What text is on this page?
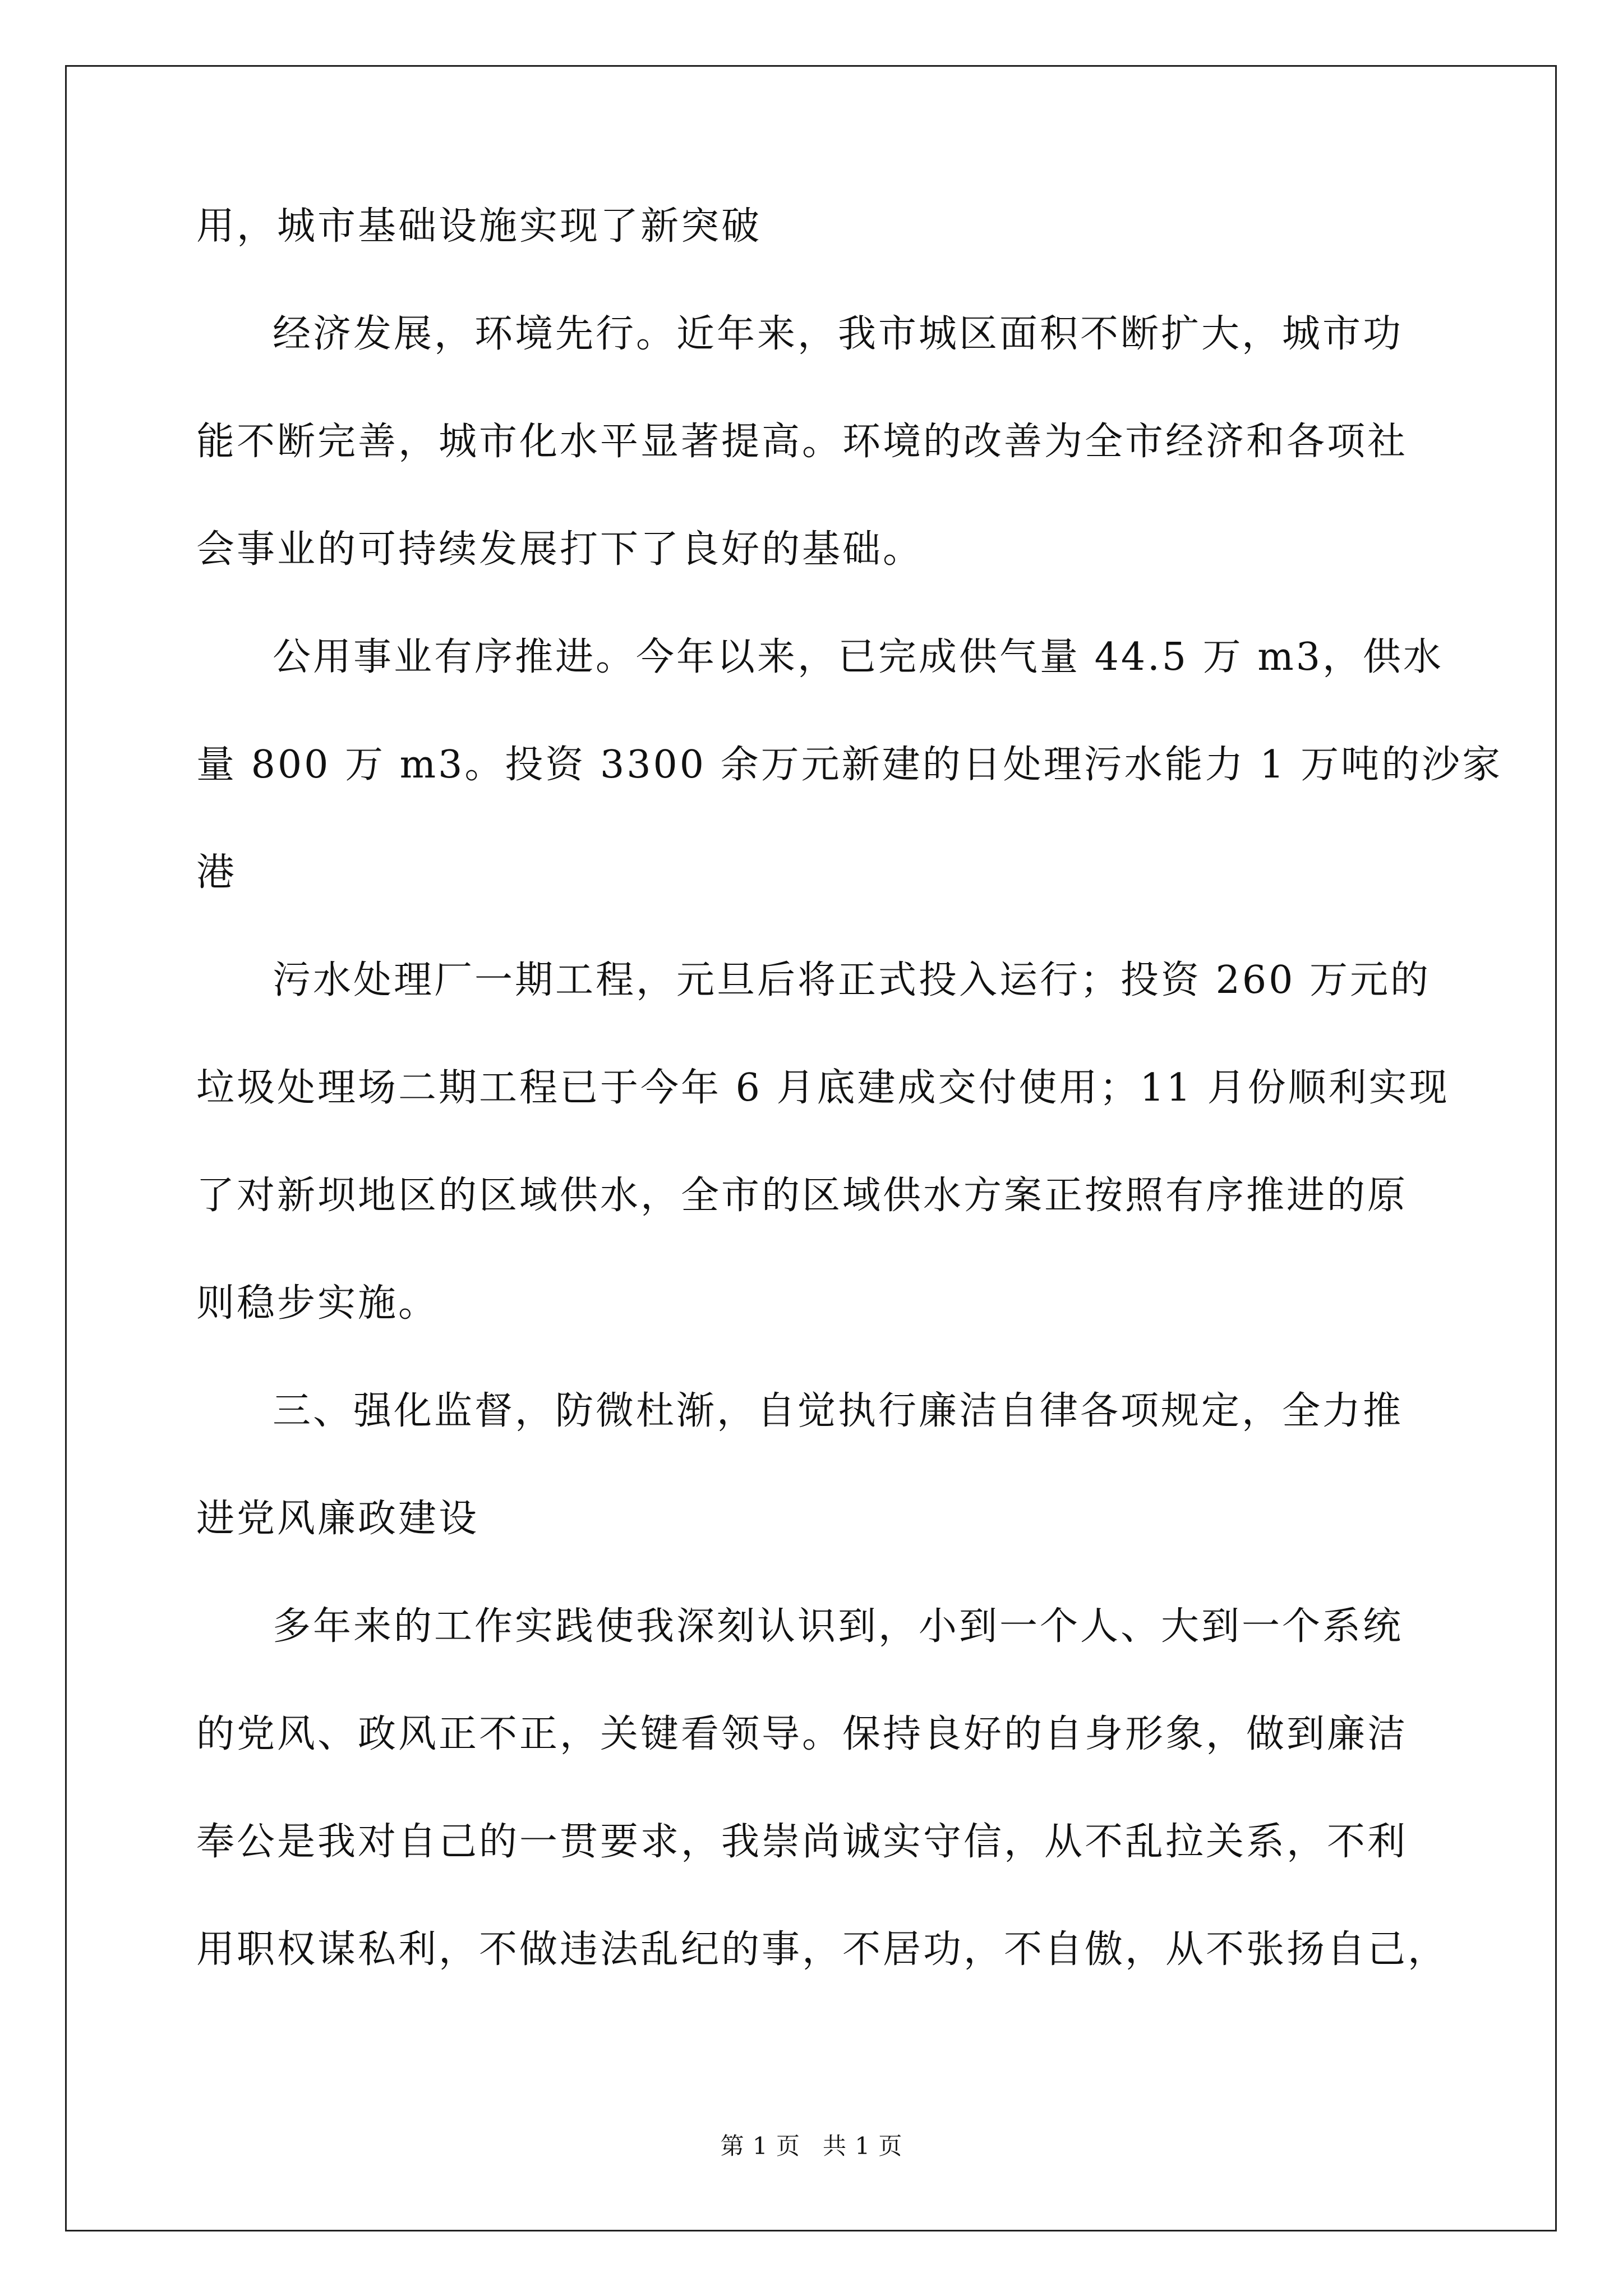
用，城市基础设施实现了新突破
经济发展，环境先行。近年来，我市城区面积不断扩大，城市功
能不断完善，城市化水平显著提高。环境的改善为全市经济和各项社
会事业的可持续发展打下了良好的基础。
公用事业有序推进。今年以来，已完成供气量 44.5 万 m3，供水
量 800 万 m3。投资 3300 余万元新建的日处理污水能力 1 万吨的沙家
港
污水处理厂一期工程，元旦后将正式投入运行；投资 260 万元的
垃圾处理场二期工程已于今年 6 月底建成交付使用；11 月份顺利实现
了对新坝地区的区域供水，全市的区域供水方案正按照有序推进的原
则稳步实施。
三、强化监督，防微杜渐，自觉执行廉洁自律各项规定，全力推
进党风廉政建设
多年来的工作实践使我深刻认识到，小到一个人、大到一个系统
的党风、政风正不正，关键看领导。保持良好的自身形象，做到廉洁
奉公是我对自己的一贯要求，我崇尚诚实守信，从不乱拉关系，不利
用职权谋私利，不做违法乱纪的事，不居功，不自傲，从不张扬自己，
第 1 页 共 1 页
